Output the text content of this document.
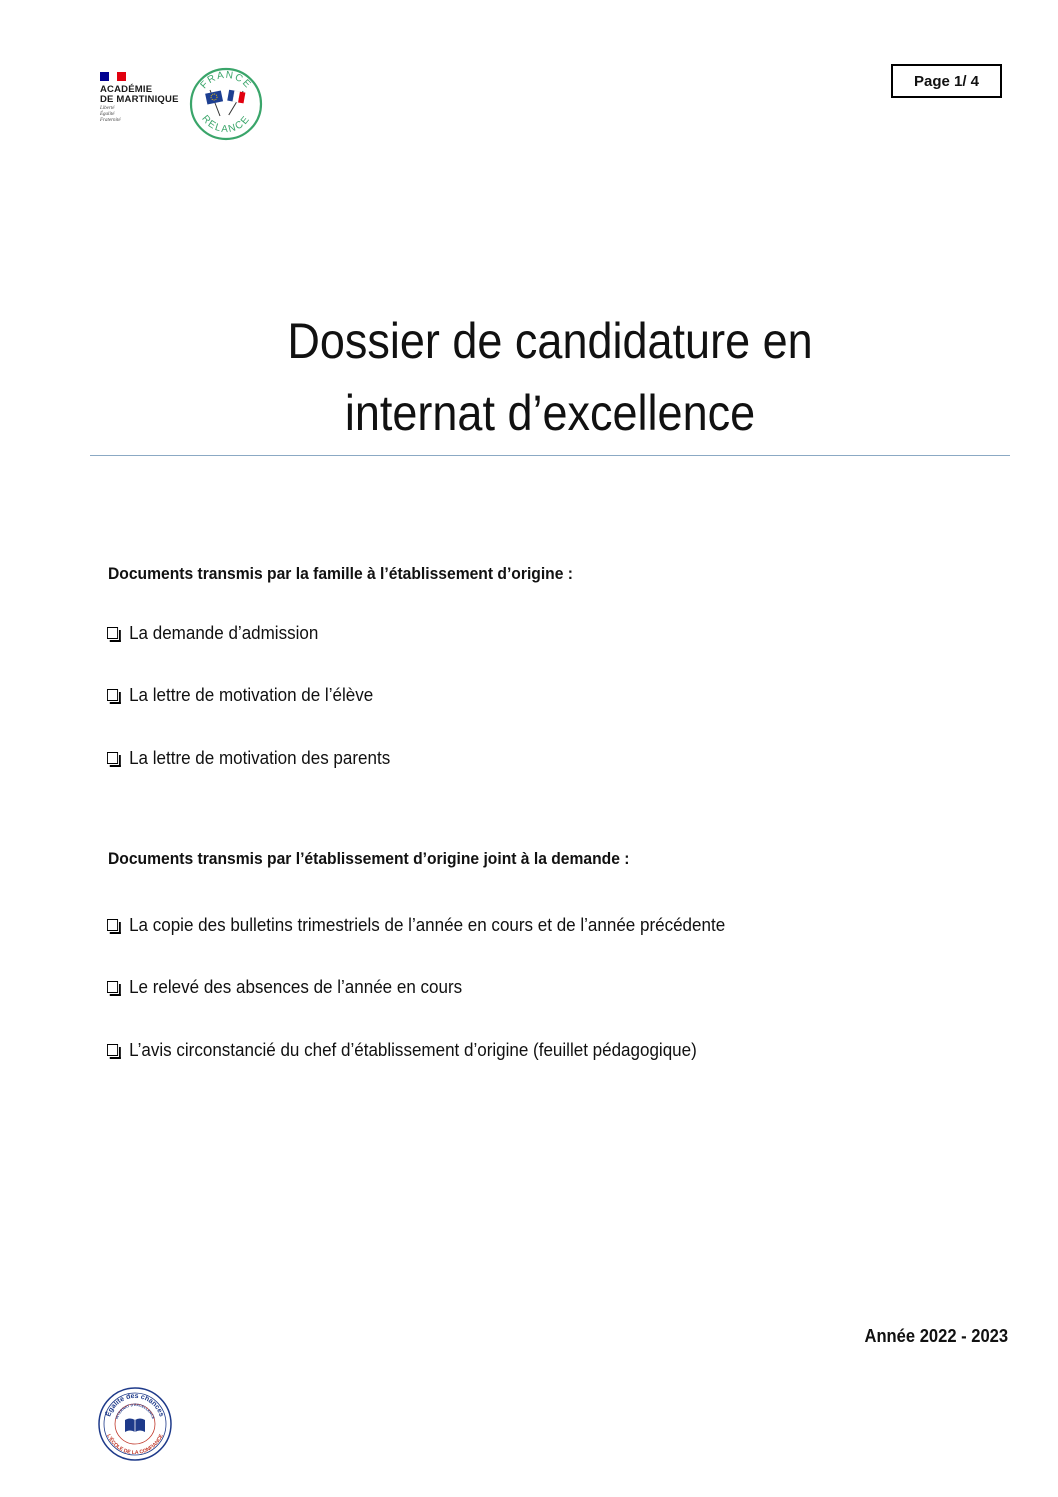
ACADÉMIE
DE MARTINIQUE
Liberté
Égalité
Fraternité
FRANCE
RELANCE
Page 1/ 4
Dossier de candidature en
internat d’excellence
Documents transmis par la famille à l’établissement d’origine :
La demande d’admission
La lettre de motivation de l’élève
La lettre de motivation des parents
Documents transmis par l’établissement d’origine joint à la demande :
La copie des bulletins trimestriels de l’année en cours et de l’année précédente
Le relevé des absences de l’année en cours
L’avis circonstancié du chef d’établissement d’origine (feuillet pédagogique)
Année 2022 - 2023
Égalité des chances
INTERNAT D'EXCELLENCE
L'ÉCOLE DE LA CONFIANCE
